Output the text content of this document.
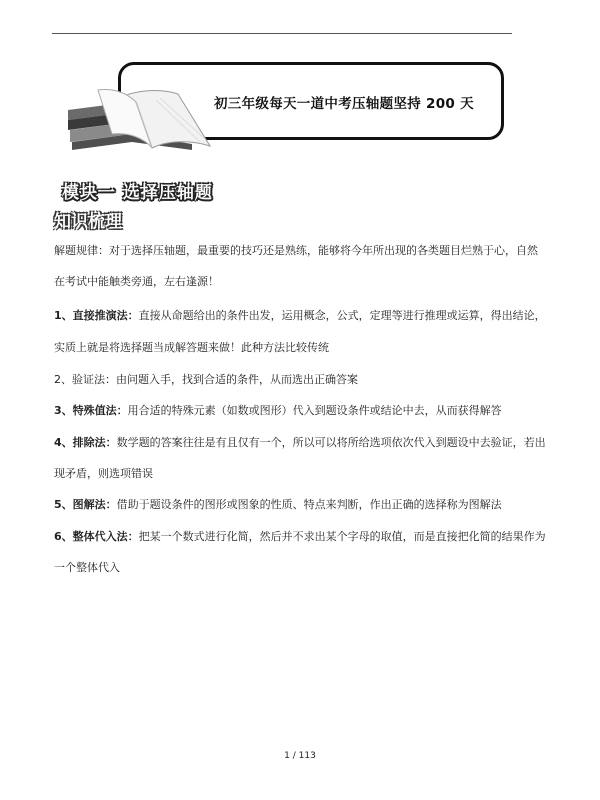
初三年级每天一道中考压轴题坚持 200 天
模块一 选择压轴题
知识梳理
解题规律：对于选择压轴题，最重要的技巧还是熟练，能够将今年所出现的各类题目烂熟于心，自然
在考试中能触类旁通，左右逢源！
1、直接推演法：直接从命题给出的条件出发，运用概念，公式，定理等进行推理或运算，得出结论，
实质上就是将选择题当成解答题来做！此种方法比较传统
2、验证法：由问题入手，找到合适的条件，从而选出正确答案
3、特殊值法：用合适的特殊元素（如数或图形）代入到题设条件或结论中去，从而获得解答
4、排除法：数学题的答案往往是有且仅有一个，所以可以将所给选项依次代入到题设中去验证，若出
现矛盾，则选项错误
5、图解法：借助于题设条件的图形或图象的性质、特点来判断，作出正确的选择称为图解法
6、整体代入法：把某一个数式进行化简，然后并不求出某个字母的取值，而是直接把化简的结果作为
一个整体代入
1 / 113
